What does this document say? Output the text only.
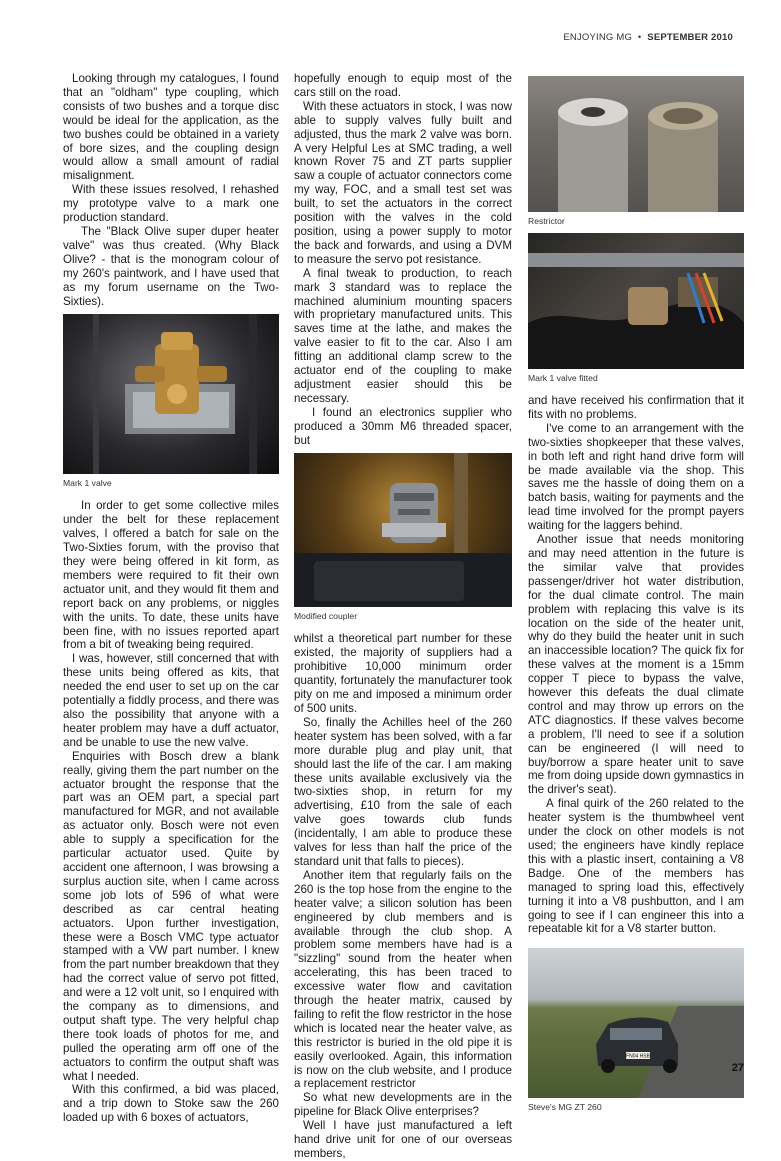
ENJOYING MG • SEPTEMBER 2010

Looking through my catalogues, I found that an "oldham" type coupling, which consists of two bushes and a torque disc would be ideal for the application, as the two bushes could be obtained in a variety of bore sizes, and the coupling design would allow a small amount of radial misalignment.

With these issues resolved, I rehashed my prototype valve to a mark one production standard.

The "Black Olive super duper heater valve" was thus created. (Why Black Olive? - that is the monogram colour of my 260's paintwork, and I have used that as my forum username on the Two-Sixties).

Mark 1 valve

In order to get some collective miles under the belt for these replacement valves, I offered a batch for sale on the Two-Sixties forum, with the proviso that they were being offered in kit form, as members were required to fit their own actuator unit, and they would fit them and report back on any problems, or niggles with the units. To date, these units have been fine, with no issues reported apart from a bit of tweaking being required.

I was, however, still concerned that with these units being offered as kits, that needed the end user to set up on the car potentially a fiddly process, and there was also the possibility that anyone with a heater problem may have a duff actuator, and be unable to use the new valve.

Enquiries with Bosch drew a blank really, giving them the part number on the actuator brought the response that the part was an OEM part, a special part manufactured for MGR, and not available as actuator only. Bosch were not even able to supply a specification for the particular actuator used. Quite by accident one afternoon, I was browsing a surplus auction site, when I came across some job lots of 596 of what were described as car central heating actuators. Upon further investigation, these were a Bosch VMC type actuator stamped with a VW part number. I knew from the part number breakdown that they had the correct value of servo pot fitted, and were a 12 volt unit, so I enquired with the company as to dimensions, and output shaft type. The very helpful chap there took loads of photos for me, and pulled the operating arm off one of the actuators to confirm the output shaft was what I needed.

With this confirmed, a bid was placed, and a trip down to Stoke saw the 260 loaded up with 6 boxes of actuators,

hopefully enough to equip most of the cars still on the road.

With these actuators in stock, I was now able to supply valves fully built and adjusted, thus the mark 2 valve was born. A very Helpful Les at SMC trading, a well known Rover 75 and ZT parts supplier saw a couple of actuator connectors come my way, FOC, and a small test set was built, to set the actuators in the correct position with the valves in the cold position, using a power supply to motor the back and forwards, and using a DVM to measure the servo pot resistance.

A final tweak to production, to reach mark 3 standard was to replace the machined aluminium mounting spacers with proprietary manufactured units. This saves time at the lathe, and makes the valve easier to fit to the car. Also I am fitting an additional clamp screw to the actuator end of the coupling to make adjustment easier should this be necessary.

I found an electronics supplier who produced a 30mm M6 threaded spacer, but

Modified coupler

whilst a theoretical part number for these existed, the majority of suppliers had a prohibitive 10,000 minimum order quantity, fortunately the manufacturer took pity on me and imposed a minimum order of 500 units.

So, finally the Achilles heel of the 260 heater system has been solved, with a far more durable plug and play unit, that should last the life of the car. I am making these units available exclusively via the two-sixties shop, in return for my advertising, £10 from the sale of each valve goes towards club funds (incidentally, I am able to produce these valves for less than half the price of the standard unit that falls to pieces).

Another item that regularly fails on the 260 is the top hose from the engine to the heater valve; a silicon solution has been engineered by club members and is available through the club shop. A problem some members have had is a "sizzling" sound from the heater when accelerating, this has been traced to excessive water flow and cavitation through the heater matrix, caused by failing to refit the flow restrictor in the hose which is located near the heater valve, as this restrictor is buried in the old pipe it is easily overlooked. Again, this information is now on the club website, and I produce a replacement restrictor

So what new developments are in the pipeline for Black Olive enterprises?

Well I have just manufactured a left hand drive unit for one of our overseas members,

Restrictor
Mark 1 valve fitted

and have received his confirmation that it fits with no problems.

I've come to an arrangement with the two-sixties shopkeeper that these valves, in both left and right hand drive form will be made available via the shop. This saves me the hassle of doing them on a batch basis, waiting for payments and the lead time involved for the prompt payers waiting for the laggers behind.

Another issue that needs monitoring and may need attention in the future is the similar valve that provides passenger/driver hot water distribution, for the dual climate control. The main problem with replacing this valve is its location on the side of the heater unit, why do they build the heater unit in such an inaccessible location? The quick fix for these valves at the moment is a 15mm copper T piece to bypass the valve, however this defeats the dual climate control and may throw up errors on the ATC diagnostics. If these valves become a problem, I'll need to see if a solution can be engineered (I will need to buy/borrow a spare heater unit to save me from doing upside down gymnastics in the driver's seat).

A final quirk of the 260 related to the heater system is the thumbwheel vent under the clock on other models is not used; the engineers have kindly replace this with a plastic insert, containing a V8 Badge. One of the members has managed to spring load this, effectively turning it into a V8 pushbutton, and I am going to see if I can engineer this into a repeatable kit for a V8 starter button.

FN04 HSB
Steve's MG ZT 260
27
